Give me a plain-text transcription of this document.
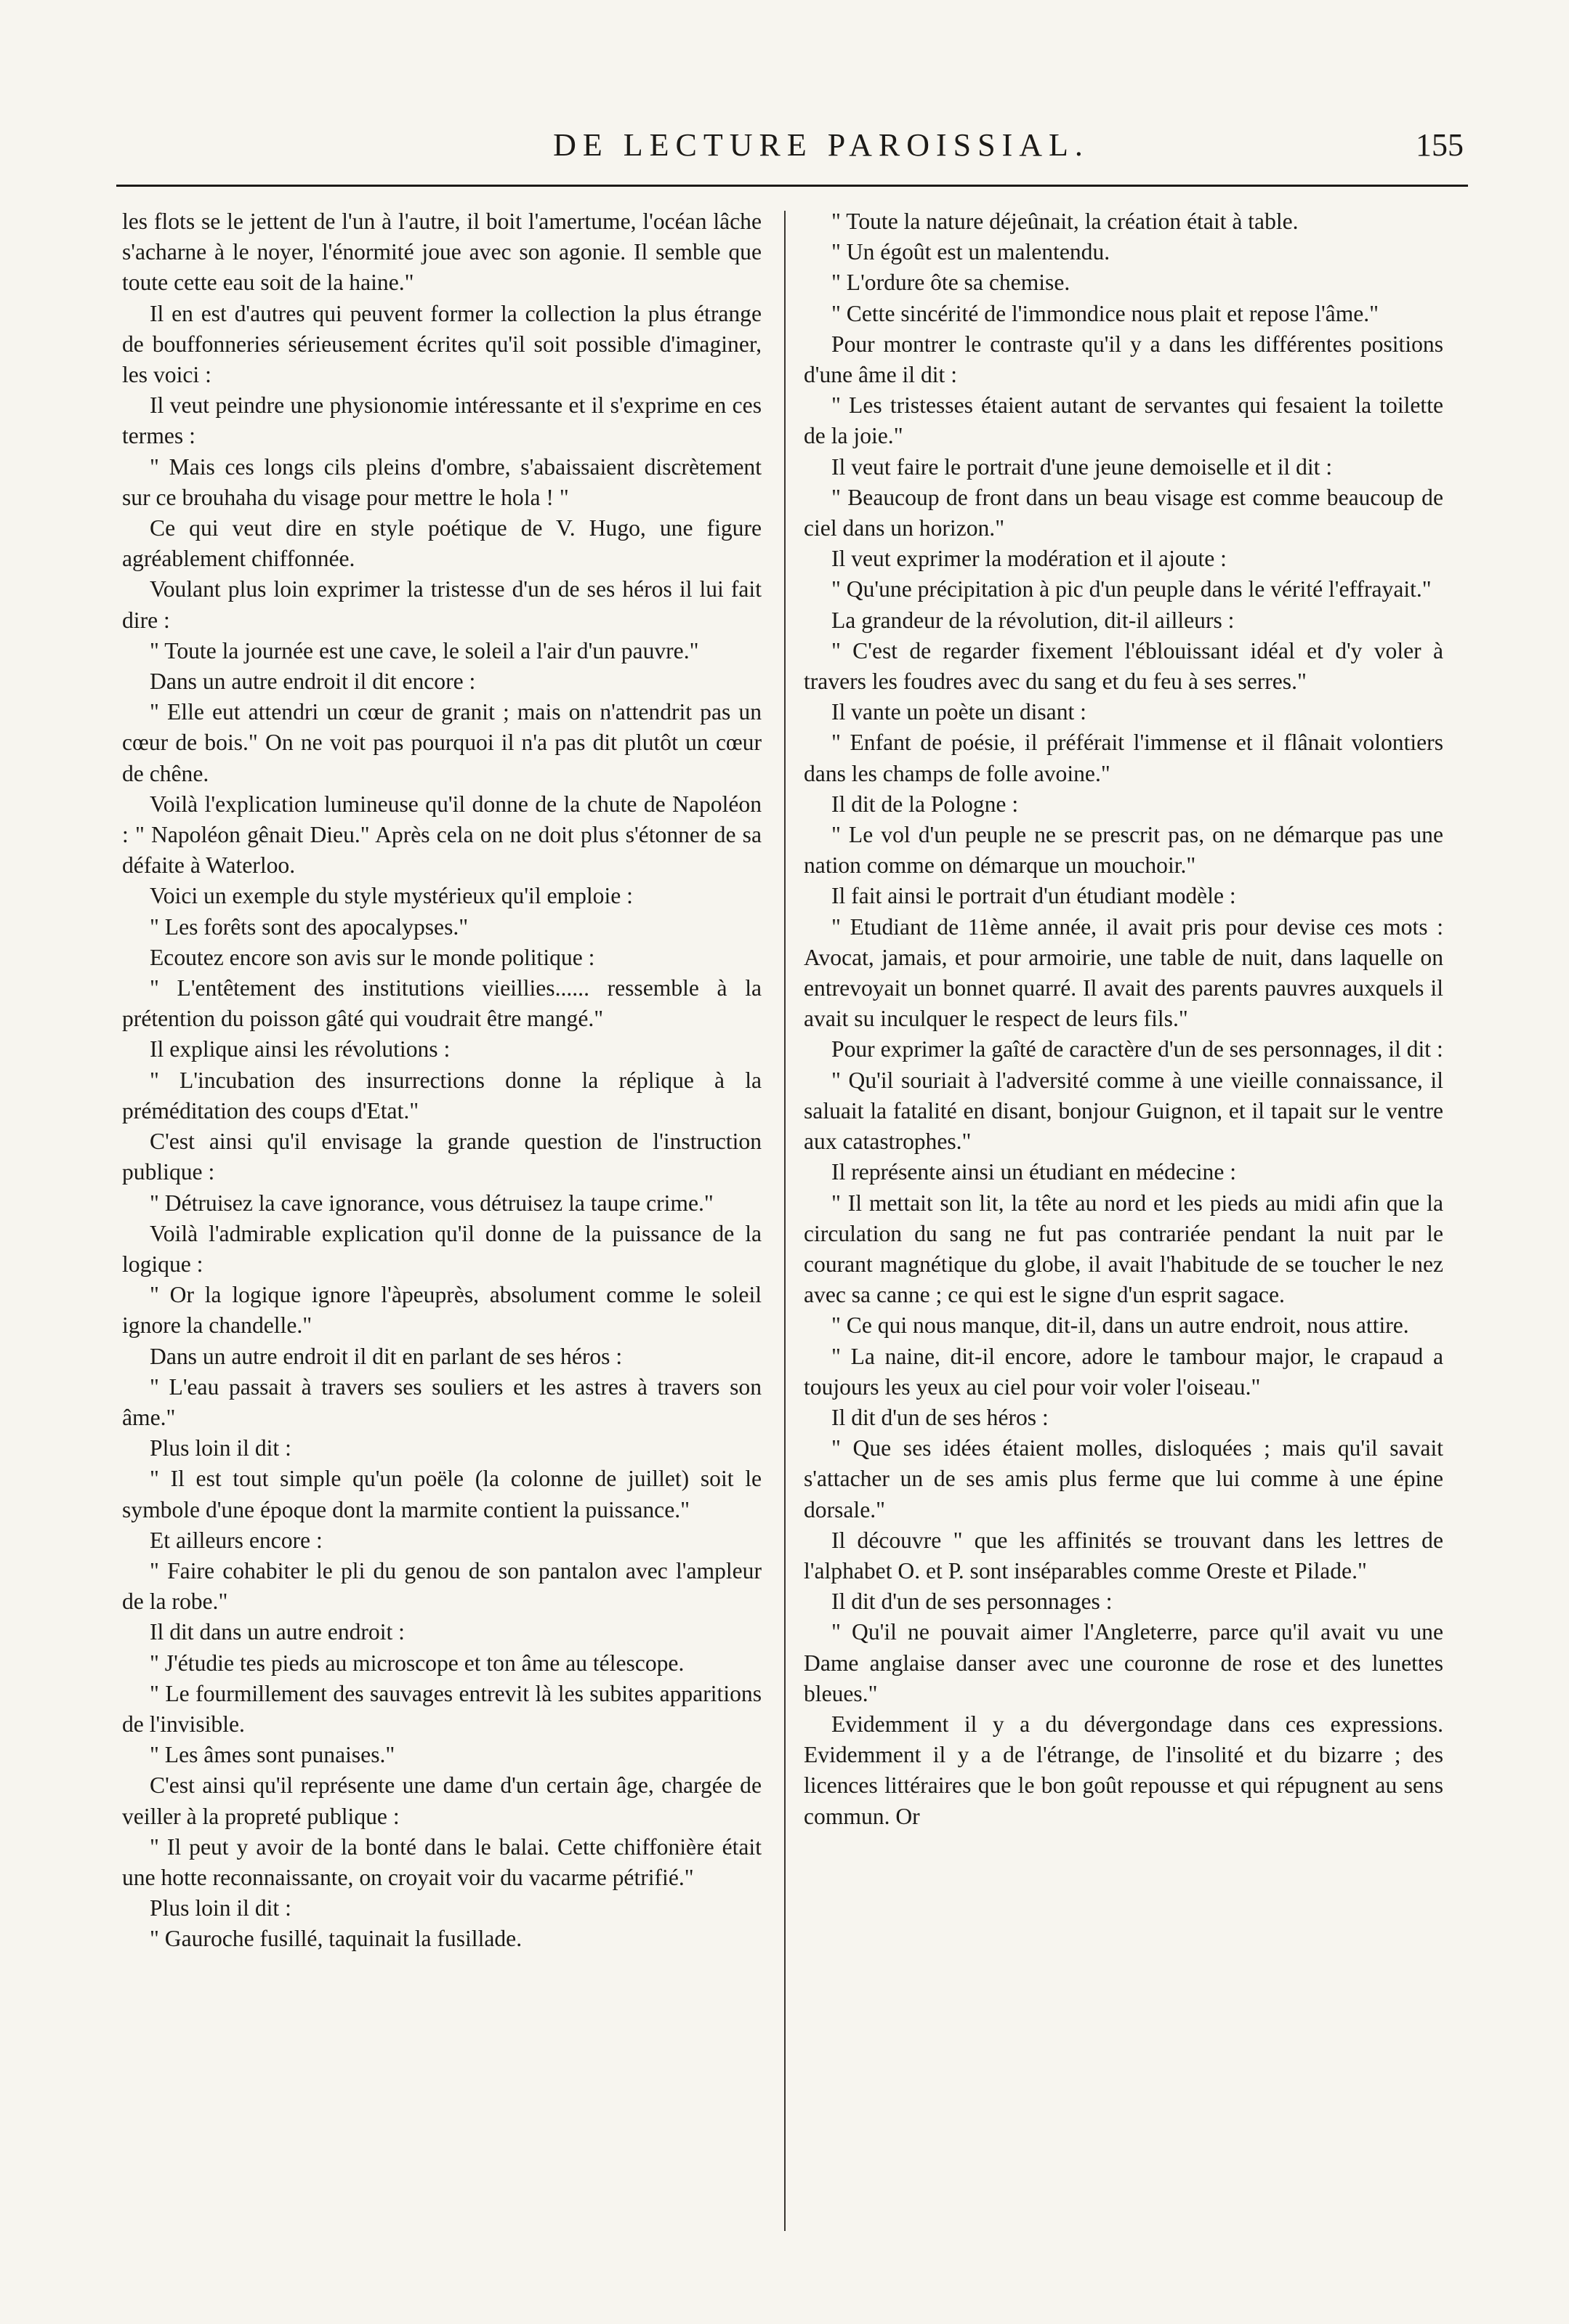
DE LECTURE PAROISSIAL.	155

les flots se le jettent de l'un à l'autre, il boit l'amertume, l'océan lâche s'acharne à le noyer, l'énormité joue avec son agonie. Il semble que toute cette eau soit de la haine."

Il en est d'autres qui peuvent former la collection la plus étrange de bouffonneries sérieusement écrites qu'il soit possible d'imaginer, les voici :

Il veut peindre une physionomie intéressante et il s'exprime en ces termes :

" Mais ces longs cils pleins d'ombre, s'abaissaient discrètement sur ce brouhaha du visage pour mettre le hola ! "

Ce qui veut dire en style poétique de V. Hugo, une figure agréablement chiffonnée.

Voulant plus loin exprimer la tristesse d'un de ses héros il lui fait dire :

" Toute la journée est une cave, le soleil a l'air d'un pauvre."

Dans un autre endroit il dit encore :

" Elle eut attendri un cœur de granit ; mais on n'attendrit pas un cœur de bois." On ne voit pas pourquoi il n'a pas dit plutôt un cœur de chêne.

Voilà l'explication lumineuse qu'il donne de la chute de Napoléon : " Napoléon gênait Dieu." Après cela on ne doit plus s'étonner de sa défaite à Waterloo.

Voici un exemple du style mystérieux qu'il emploie :

" Les forêts sont des apocalypses."

Ecoutez encore son avis sur le monde politique :

" L'entêtement des institutions vieillies...... ressemble à la prétention du poisson gâté qui voudrait être mangé."

Il explique ainsi les révolutions :

" L'incubation des insurrections donne la réplique à la préméditation des coups d'Etat."

C'est ainsi qu'il envisage la grande question de l'instruction publique :

" Détruisez la cave ignorance, vous détruisez la taupe crime."

Voilà l'admirable explication qu'il donne de la puissance de la logique :

" Or la logique ignore l'àpeuprès, absolument comme le soleil ignore la chandelle."

Dans un autre endroit il dit en parlant de ses héros :

" L'eau passait à travers ses souliers et les astres à travers son âme."

Plus loin il dit :

" Il est tout simple qu'un poële (la colonne de juillet) soit le symbole d'une époque dont la marmite contient la puissance."

Et ailleurs encore :

" Faire cohabiter le pli du genou de son pantalon avec l'ampleur de la robe."

Il dit dans un autre endroit :

" J'étudie tes pieds au microscope et ton âme au télescope.

" Le fourmillement des sauvages entrevit là les subites apparitions de l'invisible.

" Les âmes sont punaises."

C'est ainsi qu'il représente une dame d'un certain âge, chargée de veiller à la propreté publique :

" Il peut y avoir de la bonté dans le balai. Cette chiffonière était une hotte reconnaissante, on croyait voir du vacarme pétrifié."

Plus loin il dit :

" Gauroche fusillé, taquinait la fusillade.

" Toute la nature déjeûnait, la création était à table.

" Un égoût est un malentendu.

" L'ordure ôte sa chemise.

" Cette sincérité de l'immondice nous plait et repose l'âme."

Pour montrer le contraste qu'il y a dans les différentes positions d'une âme il dit :

" Les tristesses étaient autant de servantes qui fesaient la toilette de la joie."

Il veut faire le portrait d'une jeune demoiselle et il dit :

" Beaucoup de front dans un beau visage est comme beaucoup de ciel dans un horizon."

Il veut exprimer la modération et il ajoute :

" Qu'une précipitation à pic d'un peuple dans le vérité l'effrayait."

La grandeur de la révolution, dit-il ailleurs :

" C'est de regarder fixement l'éblouissant idéal et d'y voler à travers les foudres avec du sang et du feu à ses serres."

Il vante un poète un disant :

" Enfant de poésie, il préférait l'immense et il flânait volontiers dans les champs de folle avoine."

Il dit de la Pologne :

" Le vol d'un peuple ne se prescrit pas, on ne démarque pas une nation comme on démarque un mouchoir."

Il fait ainsi le portrait d'un étudiant modèle :

" Etudiant de 11ème année, il avait pris pour devise ces mots : Avocat, jamais, et pour armoirie, une table de nuit, dans laquelle on entrevoyait un bonnet quarré. Il avait des parents pauvres auxquels il avait su inculquer le respect de leurs fils."

Pour exprimer la gaîté de caractère d'un de ses personnages, il dit :

" Qu'il souriait à l'adversité comme à une vieille connaissance, il saluait la fatalité en disant, bonjour Guignon, et il tapait sur le ventre aux catastrophes."

Il représente ainsi un étudiant en médecine :

" Il mettait son lit, la tête au nord et les pieds au midi afin que la circulation du sang ne fut pas contrariée pendant la nuit par le courant magnétique du globe, il avait l'habitude de se toucher le nez avec sa canne ; ce qui est le signe d'un esprit sagace.

" Ce qui nous manque, dit-il, dans un autre endroit, nous attire.

" La naine, dit-il encore, adore le tambour major, le crapaud a toujours les yeux au ciel pour voir voler l'oiseau."

Il dit d'un de ses héros :

" Que ses idées étaient molles, disloquées ; mais qu'il savait s'attacher un de ses amis plus ferme que lui comme à une épine dorsale."

Il découvre " que les affinités se trouvant dans les lettres de l'alphabet O. et P. sont inséparables comme Oreste et Pilade."

Il dit d'un de ses personnages :

" Qu'il ne pouvait aimer l'Angleterre, parce qu'il avait vu une Dame anglaise danser avec une couronne de rose et des lunettes bleues."

Evidemment il y a du dévergondage dans ces expressions. Evidemment il y a de l'étrange, de l'insolité et du bizarre ; des licences littéraires que le bon goût repousse et qui répugnent au sens commun. Or
